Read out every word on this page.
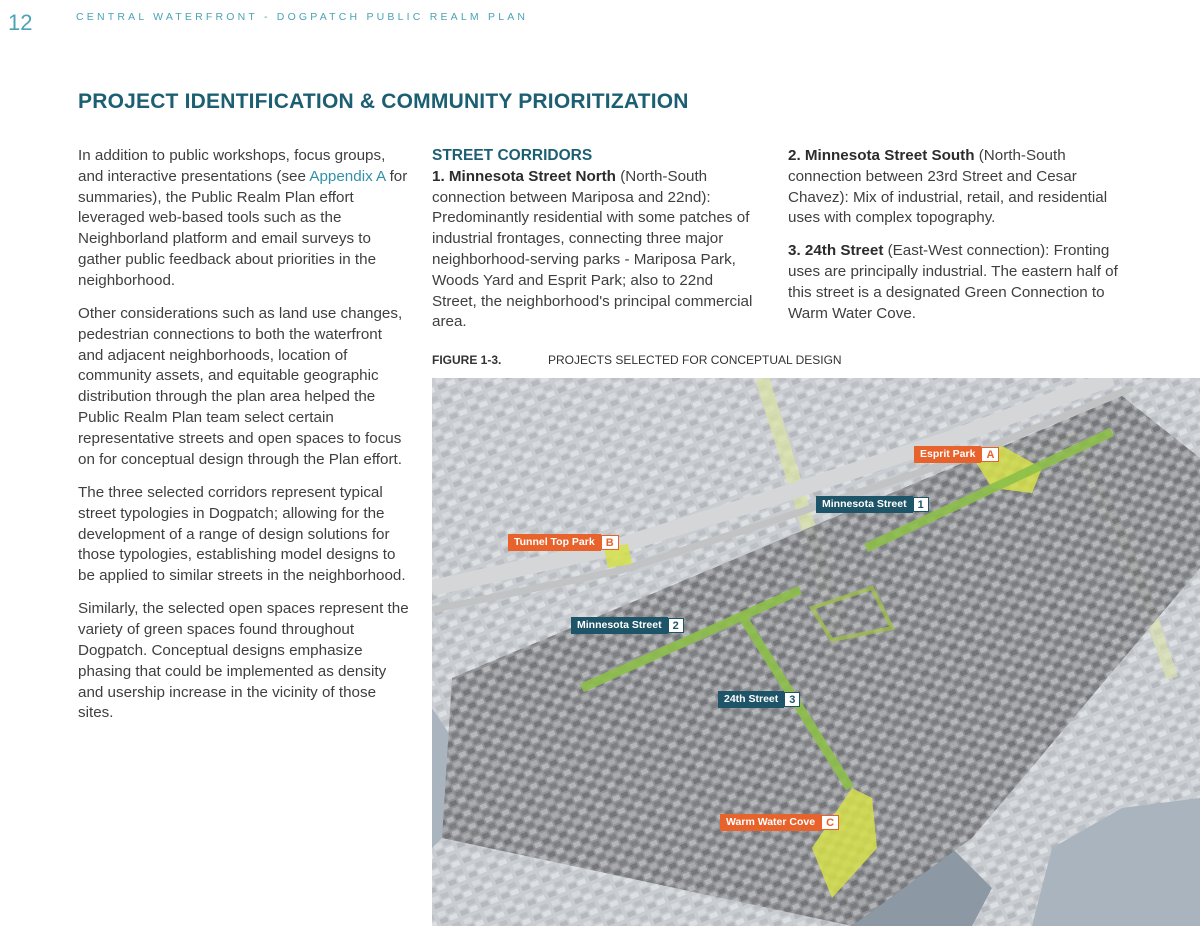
12	CENTRAL WATERFRONT - DOGPATCH PUBLIC REALM PLAN
PROJECT IDENTIFICATION & COMMUNITY PRIORITIZATION

In addition to public workshops, focus groups, and interactive presentations (see Appendix A for summaries), the Public Realm Plan effort leveraged web-based tools such as the Neighborland platform and email surveys to gather public feedback about priorities in the neighborhood.

Other considerations such as land use changes, pedestrian connections to both the waterfront and adjacent neighborhoods, location of community assets, and equitable geographic distribution through the plan area helped the Public Realm Plan team select certain representative streets and open spaces to focus on for conceptual design through the Plan effort.

The three selected corridors represent typical street typologies in Dogpatch; allowing for the development of a range of design solutions for those typologies, establishing model designs to be applied to similar streets in the neighborhood.

Similarly, the selected open spaces represent the variety of green spaces found throughout Dogpatch. Conceptual designs emphasize phasing that could be implemented as density and usership increase in the vicinity of those sites.

STREET CORRIDORS
1. Minnesota Street North (North-South connection between Mariposa and 22nd): Predominantly residential with some patches of industrial frontages, connecting three major neighborhood-serving parks - Mariposa Park, Woods Yard and Esprit Park; also to 22nd Street, the neighborhood's principal commercial area.

2. Minnesota Street South (North-South connection between 23rd Street and Cesar Chavez): Mix of industrial, retail, and residential uses with complex topography.

3. 24th Street (East-West connection): Fronting uses are principally industrial. The eastern half of this street is a designated Green Connection to Warm Water Cove.

FIGURE 1-3.	PROJECTS SELECTED FOR CONCEPTUAL DESIGN
Esprit Park	A
Minnesota Street	1
Tunnel Top Park	B
Minnesota Street	2
24th Street	3
Warm Water Cove	C
